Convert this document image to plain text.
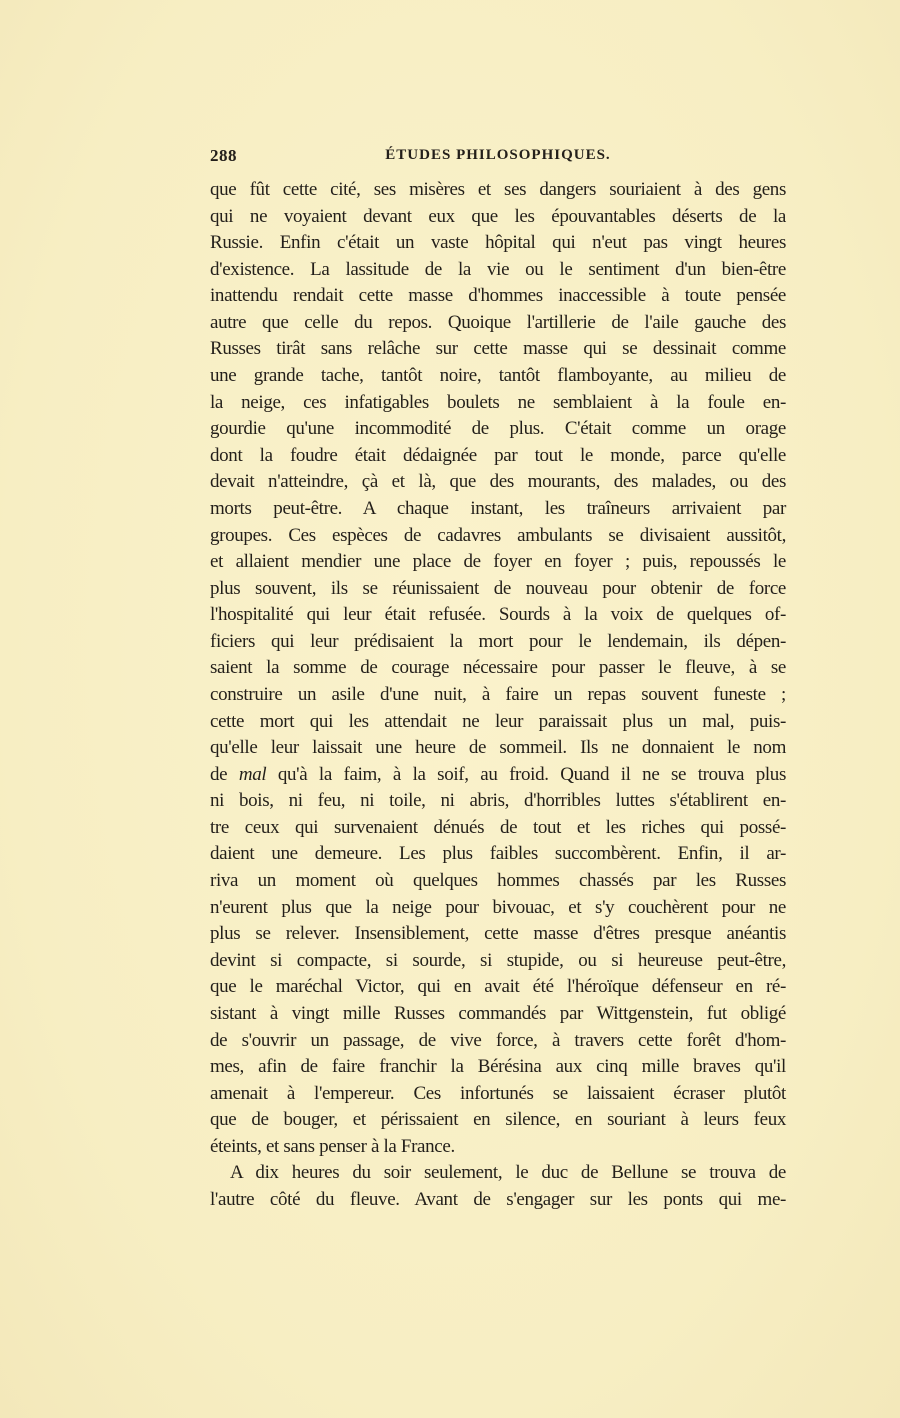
288	ÉTUDES PHILOSOPHIQUES.
que fût cette cité, ses misères et ses dangers souriaient à des gens
qui ne voyaient devant eux que les épouvantables déserts de la
Russie. Enfin c'était un vaste hôpital qui n'eut pas vingt heures
d'existence. La lassitude de la vie ou le sentiment d'un bien-être
inattendu rendait cette masse d'hommes inaccessible à toute pensée
autre que celle du repos. Quoique l'artillerie de l'aile gauche des
Russes tirât sans relâche sur cette masse qui se dessinait comme
une grande tache, tantôt noire, tantôt flamboyante, au milieu de
la neige, ces infatigables boulets ne semblaient à la foule en-
gourdie qu'une incommodité de plus. C'était comme un orage
dont la foudre était dédaignée par tout le monde, parce qu'elle
devait n'atteindre, çà et là, que des mourants, des malades, ou des
morts peut-être. A chaque instant, les traîneurs arrivaient par
groupes. Ces espèces de cadavres ambulants se divisaient aussitôt,
et allaient mendier une place de foyer en foyer ; puis, repoussés le
plus souvent, ils se réunissaient de nouveau pour obtenir de force
l'hospitalité qui leur était refusée. Sourds à la voix de quelques of-
ficiers qui leur prédisaient la mort pour le lendemain, ils dépen-
saient la somme de courage nécessaire pour passer le fleuve, à se
construire un asile d'une nuit, à faire un repas souvent funeste ;
cette mort qui les attendait ne leur paraissait plus un mal, puis-
qu'elle leur laissait une heure de sommeil. Ils ne donnaient le nom
de mal qu'à la faim, à la soif, au froid. Quand il ne se trouva plus
ni bois, ni feu, ni toile, ni abris, d'horribles luttes s'établirent en-
tre ceux qui survenaient dénués de tout et les riches qui possé-
daient une demeure. Les plus faibles succombèrent. Enfin, il ar-
riva un moment où quelques hommes chassés par les Russes
n'eurent plus que la neige pour bivouac, et s'y couchèrent pour ne
plus se relever. Insensiblement, cette masse d'êtres presque anéantis
devint si compacte, si sourde, si stupide, ou si heureuse peut-être,
que le maréchal Victor, qui en avait été l'héroïque défenseur en ré-
sistant à vingt mille Russes commandés par Wittgenstein, fut obligé
de s'ouvrir un passage, de vive force, à travers cette forêt d'hom-
mes, afin de faire franchir la Bérésina aux cinq mille braves qu'il
amenait à l'empereur. Ces infortunés se laissaient écraser plutôt
que de bouger, et périssaient en silence, en souriant à leurs feux
éteints, et sans penser à la France.
A dix heures du soir seulement, le duc de Bellune se trouva de
l'autre côté du fleuve. Avant de s'engager sur les ponts qui me-
